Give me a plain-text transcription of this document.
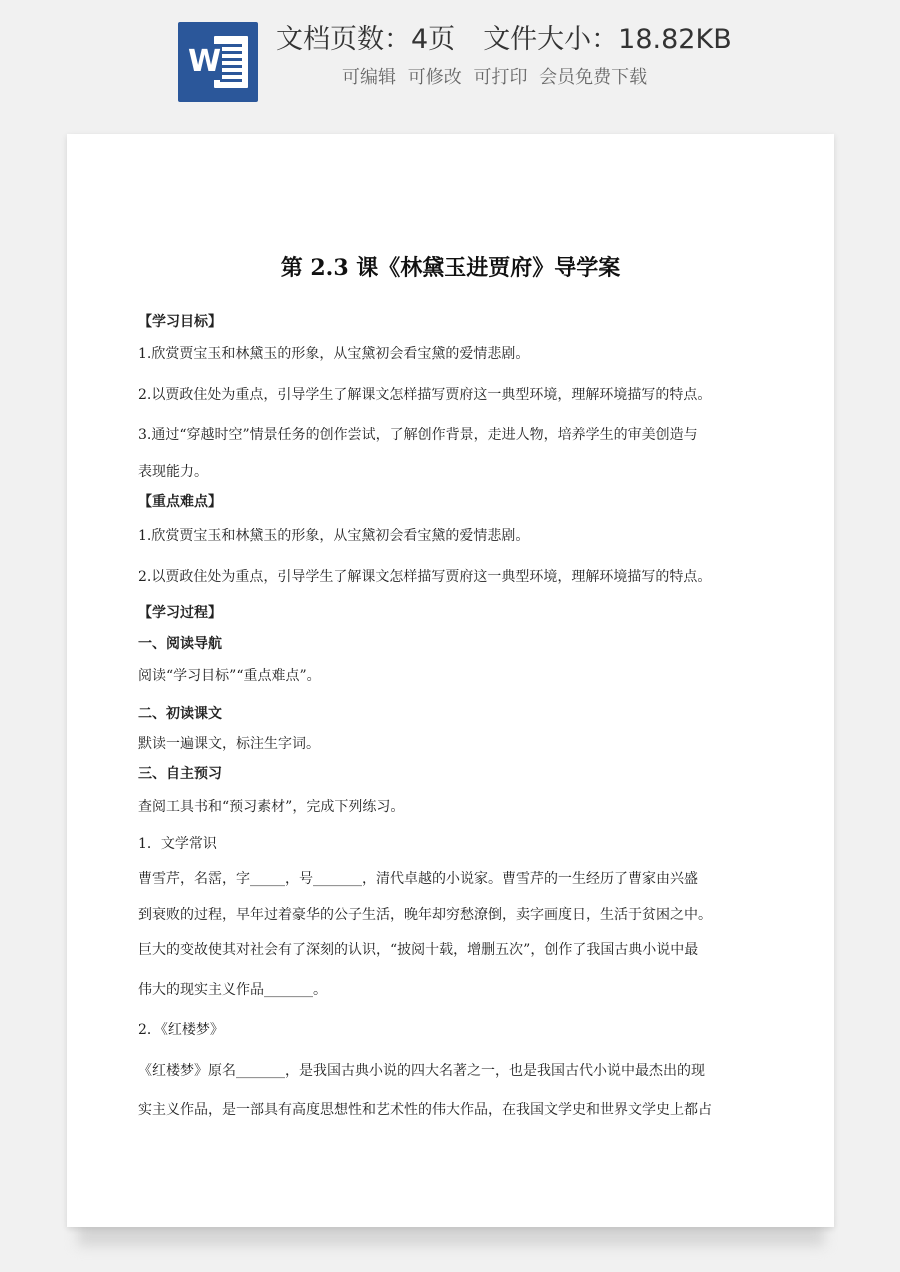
W
文档页数：4页 文件大小：18.82KB
可编辑 可修改 可打印 会员免费下载
第 2.3 课《林黛玉进贾府》导学案
【学习目标】
1.欣赏贾宝玉和林黛玉的形象，从宝黛初会看宝黛的爱情悲剧。
2.以贾政住处为重点，引导学生了解课文怎样描写贾府这一典型环境，理解环境描写的特点。
3.通过“穿越时空”情景任务的创作尝试，了解创作背景，走进人物，培养学生的审美创造与
表现能力。
【重点难点】
1.欣赏贾宝玉和林黛玉的形象，从宝黛初会看宝黛的爱情悲剧。
2.以贾政住处为重点，引导学生了解课文怎样描写贾府这一典型环境，理解环境描写的特点。
【学习过程】
一、阅读导航
阅读“学习目标”“重点难点”。
二、初读课文
默读一遍课文，标注生字词。
三、自主预习
查阅工具书和“预习素材”，完成下列练习。
1．文学常识
曹雪芹，名霑，字_____，号_______，清代卓越的小说家。曹雪芹的一生经历了曹家由兴盛
到衰败的过程，早年过着豪华的公子生活，晚年却穷愁潦倒，卖字画度日，生活于贫困之中。
巨大的变故使其对社会有了深刻的认识，“披阅十载，增删五次”，创作了我国古典小说中最
伟大的现实主义作品_______。
2．《红楼梦》
《红楼梦》原名_______，是我国古典小说的四大名著之一，也是我国古代小说中最杰出的现
实主义作品，是一部具有高度思想性和艺术性的伟大作品，在我国文学史和世界文学史上都占
